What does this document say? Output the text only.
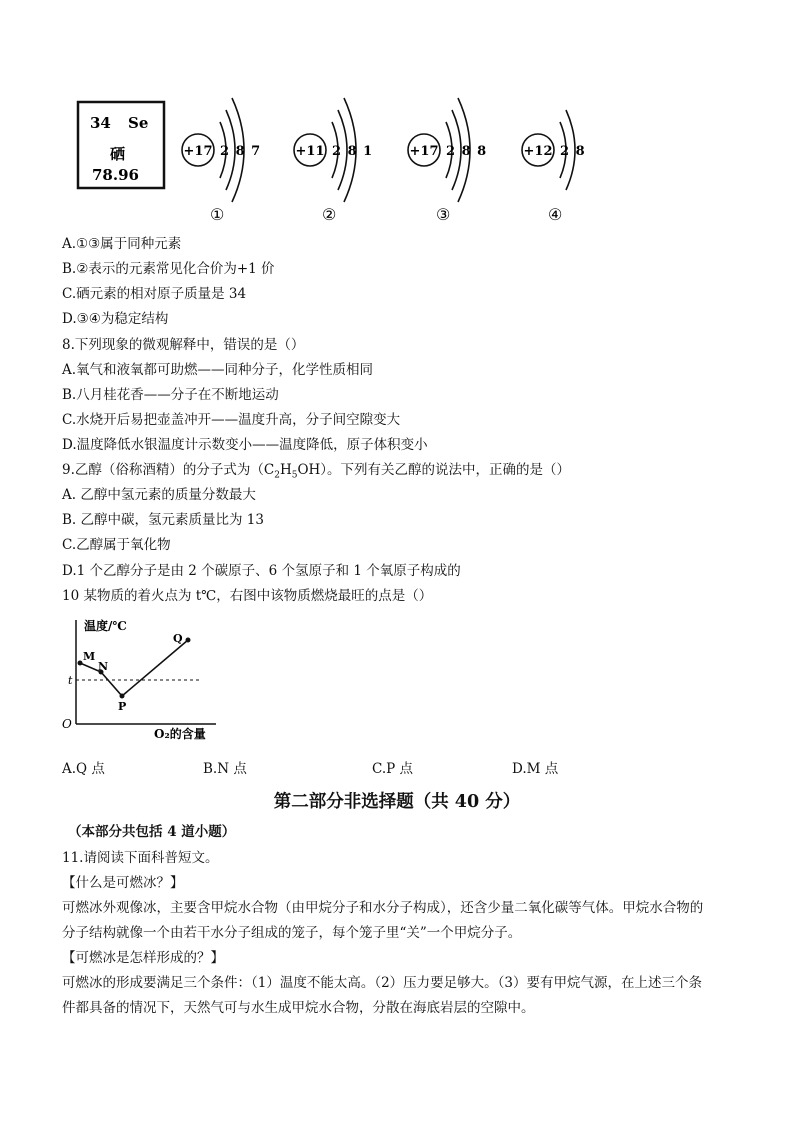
34 Se
硒
78.96
+17 2 8 7
①
+11 2 8 1
②
+17 2 8 8
③
+12 2 8
④
A.①③属于同种元素
B.②表示的元素常见化合价为+1 价
C.硒元素的相对原子质量是 34
D.③④为稳定结构
8.下列现象的微观解释中，错误的是（）
A.氧气和液氧都可助燃——同种分子，化学性质相同
B.八月桂花香——分子在不断地运动
C.水烧开后易把壶盖冲开——温度升高，分子间空隙变大
D.温度降低水银温度计示数变小——温度降低，原子体积变小
9.乙醇（俗称酒精）的分子式为$(C_2H_5OH)$。下列有关乙醇的说法中，正确的是（）
A. 乙醇中氢元素的质量分数最大
B. 乙醇中碳，氢元素质量比为 13
C.乙醇属于氧化物
D.1 个乙醇分子是由 2 个碳原子、6 个氢原子和 1 个氧原子构成的
10 某物质的着火点为 t℃，右图中该物质燃烧最旺的点是（）
温度/℃
O₂的含量
O
t
M
N
P
Q
A.Q 点	B.N 点	C.P 点	D.M 点
第二部分非选择题（共 40 分）
（本部分共包括 4 道小题）
11.请阅读下面科普短文。
【什么是可燃冰？】
可燃冰外观像冰，主要含甲烷水合物（由甲烷分子和水分子构成），还含少量二氧化碳等气体。甲烷水合物的
分子结构就像一个由若干水分子组成的笼子，每个笼子里“关”一个甲烷分子。
【可燃冰是怎样形成的？】
可燃冰的形成要满足三个条件：（1）温度不能太高。（2）压力要足够大。（3）要有甲烷气源，在上述三个条
件都具备的情况下，天然气可与水生成甲烷水合物，分散在海底岩层的空隙中。
